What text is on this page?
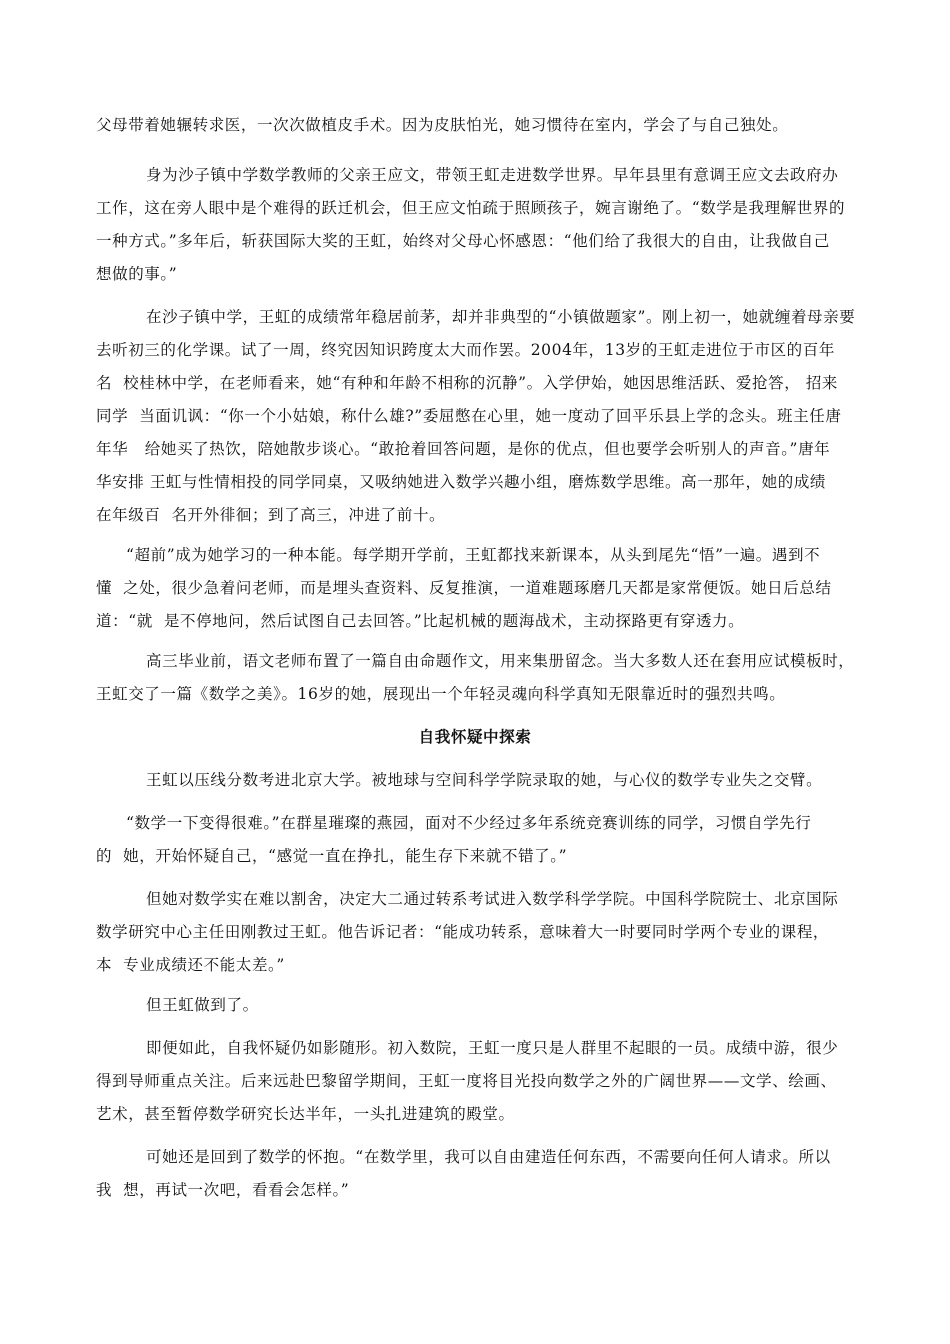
父母带着她辗转求医，一次次做植皮手术。因为皮肤怕光，她习惯待在室内，学会了与自己独处。
身为沙子镇中学数学教师的父亲王应文，带领王虹走进数学世界。早年县里有意调王应文去政府办
工作，这在旁人眼中是个难得的跃迁机会，但王应文怕疏于照顾孩子，婉言谢绝了。“数学是我理解世界的
一种方式。”多年后，斩获国际大奖的王虹，始终对父母心怀感恩：“他们给了我很大的自由，让我做自己
想做的事。”
在沙子镇中学，王虹的成绩常年稳居前茅，却并非典型的“小镇做题家”。刚上初一，她就缠着母亲要
去听初三的化学课。试了一周，终究因知识跨度太大而作罢。2004年，13岁的王虹走进位于市区的百年
名  校桂林中学，在老师看来，她“有种和年龄不相称的沉静”。入学伊始，她因思维活跃、爱抢答， 招来
同学  当面讥讽：“你一个小姑娘，称什么雄?”委屈憋在心里，她一度动了回平乐县上学的念头。班主任唐
年华   给她买了热饮，陪她散步谈心。“敢抢着回答问题，是你的优点，但也要学会听别人的声音。”唐年
华安排 王虹与性情相投的同学同桌，又吸纳她进入数学兴趣小组，磨炼数学思维。高一那年，她的成绩
在年级百  名开外徘徊；到了高三，冲进了前十。
“超前”成为她学习的一种本能。每学期开学前，王虹都找来新课本，从头到尾先“悟”一遍。遇到不
懂  之处，很少急着问老师，而是埋头查资料、反复推演，一道难题琢磨几天都是家常便饭。她日后总结
道：“就  是不停地问，然后试图自己去回答。”比起机械的题海战术，主动探路更有穿透力。
高三毕业前，语文老师布置了一篇自由命题作文，用来集册留念。当大多数人还在套用应试模板时，
王虹交了一篇《数学之美》。16岁的她，展现出一个年轻灵魂向科学真知无限靠近时的强烈共鸣。
自我怀疑中探索
王虹以压线分数考进北京大学。被地球与空间科学学院录取的她，与心仪的数学专业失之交臂。
“数学一下变得很难。”在群星璀璨的燕园，面对不少经过多年系统竞赛训练的同学，习惯自学先行
的  她，开始怀疑自己，“感觉一直在挣扎，能生存下来就不错了。”
但她对数学实在难以割舍，决定大二通过转系考试进入数学科学学院。中国科学院院士、北京国际
数学研究中心主任田刚教过王虹。他告诉记者：“能成功转系，意味着大一时要同时学两个专业的课程，
本  专业成绩还不能太差。”
但王虹做到了。
即便如此，自我怀疑仍如影随形。初入数院，王虹一度只是人群里不起眼的一员。成绩中游，很少
得到导师重点关注。后来远赴巴黎留学期间，王虹一度将目光投向数学之外的广阔世界——文学、绘画、
艺术，甚至暂停数学研究长达半年，一头扎进建筑的殿堂。
可她还是回到了数学的怀抱。“在数学里，我可以自由建造任何东西，不需要向任何人请求。所以
我  想，再试一次吧，看看会怎样。”
